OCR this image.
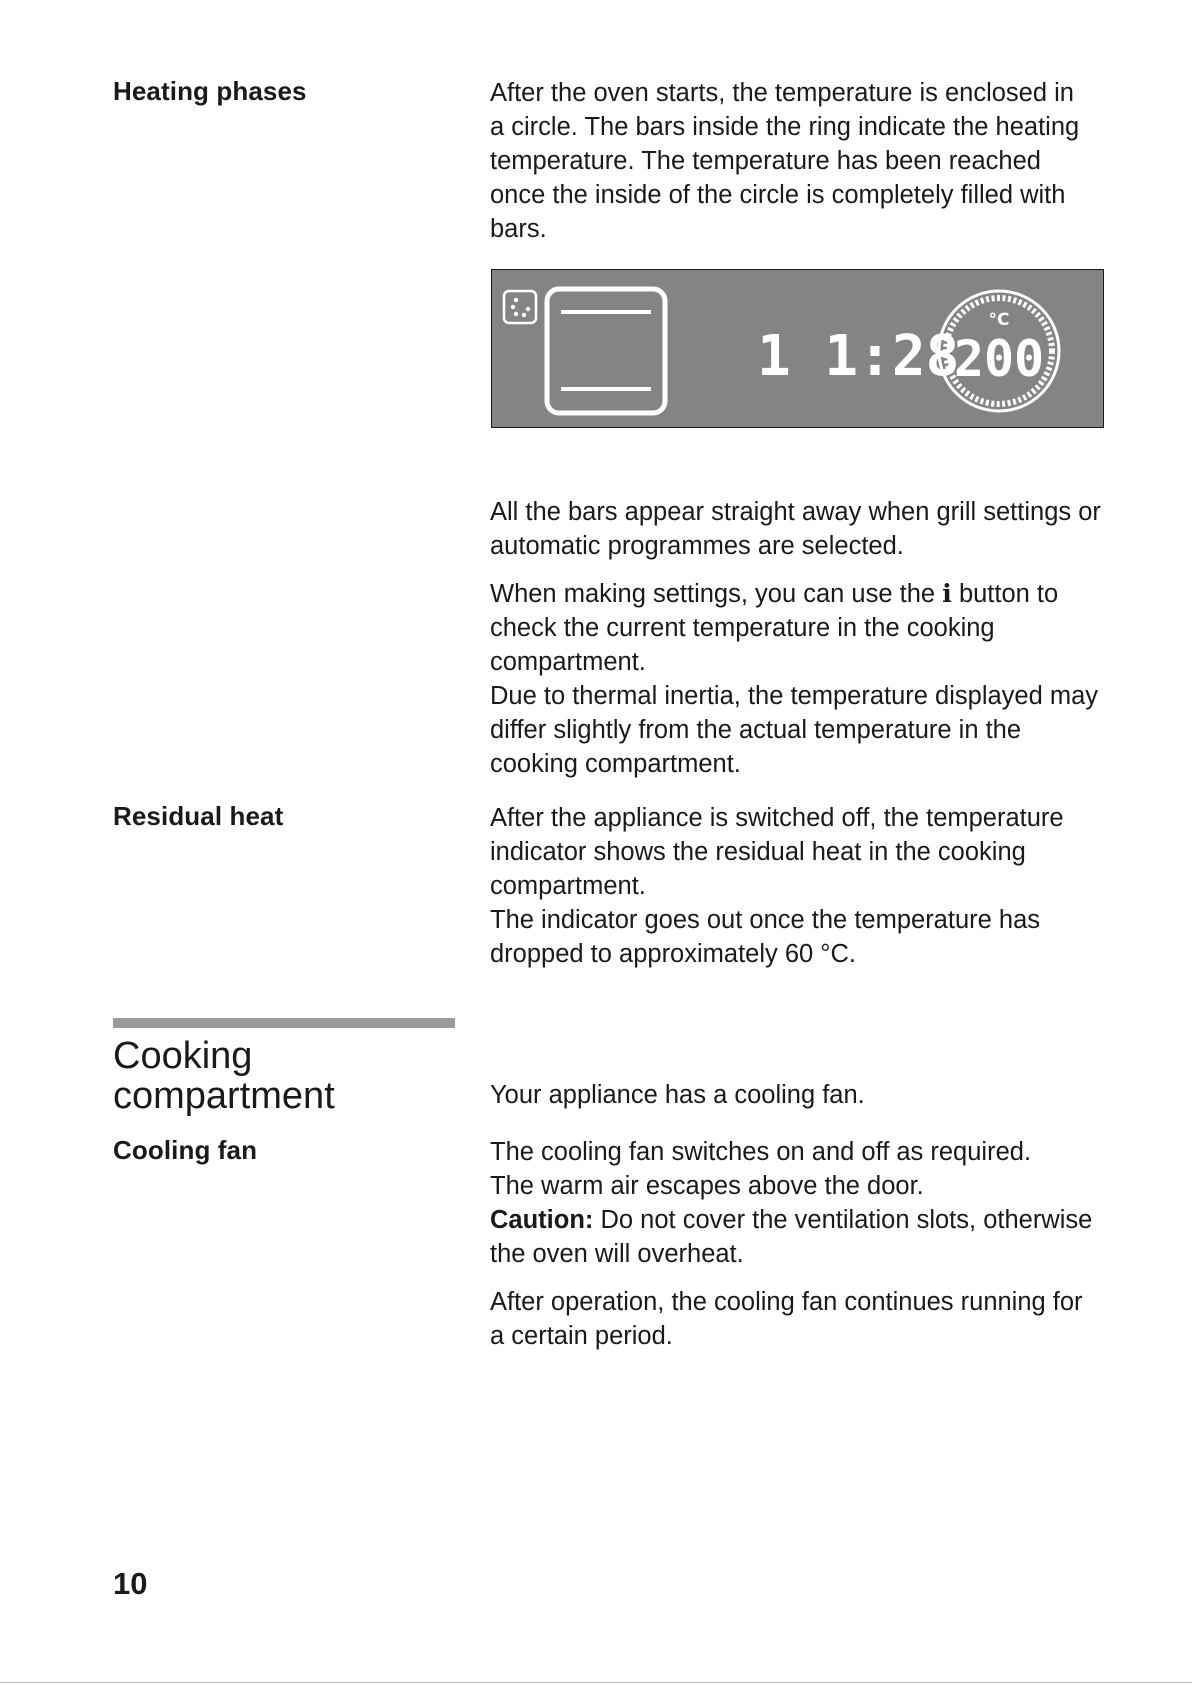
Heating phases	After the oven starts, the temperature is enclosed in

a circle. The bars inside the ring indicate the heating

temperature. The temperature has been reached

once the inside of the circle is completely filled with

bars.

1 1:28
°C
200

All the bars appear straight away when grill settings or

automatic programmes are selected.

When making settings, you can use the i button to

check the current temperature in the cooking

compartment.

Due to thermal inertia, the temperature displayed may

differ slightly from the actual temperature in the

cooking compartment.

Residual heat	After the appliance is switched off, the temperature

indicator shows the residual heat in the cooking

compartment.

The indicator goes out once the temperature has

dropped to approximately 60 °C.

Cooking
compartment	Your appliance has a cooling fan.
Cooling fan	The cooling fan switches on and off as required.

The warm air escapes above the door.

Caution: Do not cover the ventilation slots, otherwise

the oven will overheat.

After operation, the cooling fan continues running for

a certain period.

10
